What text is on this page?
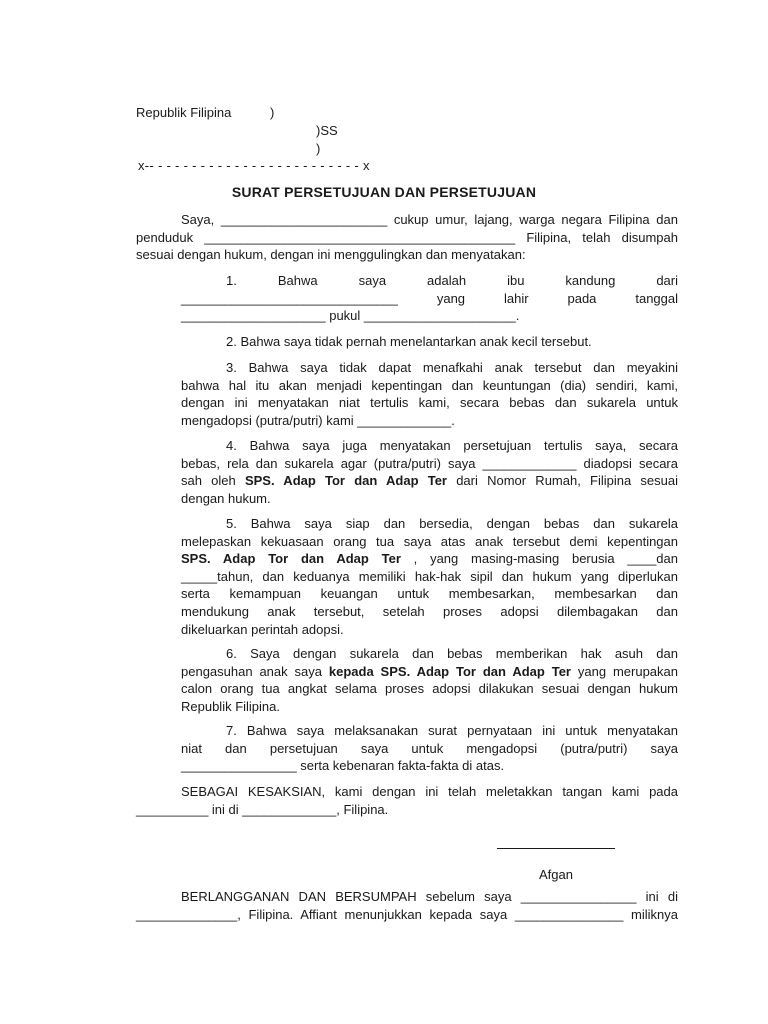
Republik Filipina	)
)SS
)
x-- - - - - - - - - - - - - - - - - - - - - - - - - x
SURAT PERSETUJUAN DAN PERSETUJUAN
Saya, _______________________ cukup umur, lajang, warga negara Filipina dan
penduduk ___________________________________________ Filipina, telah disumpah
sesuai dengan hukum, dengan ini menggulingkan dan menyatakan:
1. Bahwa saya adalah ibu kandung dari
______________________________ yang lahir pada tanggal
____________________ pukul _____________________.
2. Bahwa saya tidak pernah menelantarkan anak kecil tersebut.
3. Bahwa saya tidak dapat menafkahi anak tersebut dan meyakini
bahwa hal itu akan menjadi kepentingan dan keuntungan (dia) sendiri, kami,
dengan ini menyatakan niat tertulis kami, secara bebas dan sukarela untuk
mengadopsi (putra/putri) kami _____________.
4. Bahwa saya juga menyatakan persetujuan tertulis saya, secara
bebas, rela dan sukarela agar (putra/putri) saya _____________ diadopsi secara
sah oleh SPS. Adap Tor dan Adap Ter dari Nomor Rumah, Filipina sesuai
dengan hukum.
5. Bahwa saya siap dan bersedia, dengan bebas dan sukarela
melepaskan kekuasaan orang tua saya atas anak tersebut demi kepentingan
SPS. Adap Tor dan Adap Ter , yang masing-masing berusia ____dan
_____tahun, dan keduanya memiliki hak-hak sipil dan hukum yang diperlukan
serta kemampuan keuangan untuk membesarkan, membesarkan dan
mendukung anak tersebut, setelah proses adopsi dilembagakan dan
dikeluarkan perintah adopsi.
6. Saya dengan sukarela dan bebas memberikan hak asuh dan
pengasuhan anak saya kepada SPS. Adap Tor dan Adap Ter yang merupakan
calon orang tua angkat selama proses adopsi dilakukan sesuai dengan hukum
Republik Filipina.
7. Bahwa saya melaksanakan surat pernyataan ini untuk menyatakan
niat dan persetujuan saya untuk mengadopsi (putra/putri) saya
________________ serta kebenaran fakta-fakta di atas.
SEBAGAI KESAKSIAN, kami dengan ini telah meletakkan tangan kami pada
__________ ini di _____________, Filipina.
Afgan
BERLANGGANAN DAN BERSUMPAH sebelum saya ________________ ini di
______________, Filipina. Affiant menunjukkan kepada saya _______________ miliknya
